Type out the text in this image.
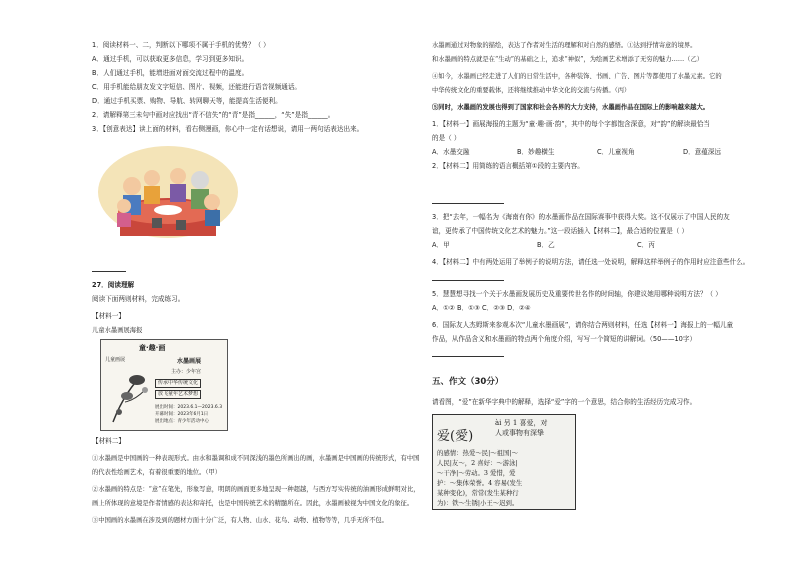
1．阅读材料一、二，判断以下哪项不属于手机的优势？（ ）
A．通过手机，可以获取更多信息，学习到更多知识。
B．人们通过手机，能增进面对面交流过程中的温度。
C．用手机能给朋友发文字短信、图片、视频，还能进行语音视频通话。
D．通过手机买票、购物、导航、转网聊天等，能提高生活便利。
2．请解释第三未句中画对应找出“青不信失”的“青”是指______，“失”是指______。
3．【创意表达】读上面的材料，看右侧漫画，你心中一定有话想说，请用一两句话表达出来。
27．阅读理解
阅读下面两则材料，完成练习。
【材料一】
儿童水墨画展海报
童·趣·画
儿童画展	水墨画展
主办：少年宫
传承中华传统文化
放飞童年艺术梦想
展出时间：2023.6.1—2023.6.3
开幕时间：2023年6月1日
展出地点：青少年活动中心
【材料二】
①水墨画是中国画的一种表现形式。由水和墨调和成不同深浅的墨色所画出的画，水墨画是中国画的传统形式，有中国
的代表性绘画艺术，有着很重要的地位。（甲）
②水墨画的特点是：“意”在笔先，形象写意，明朗的画面更多地呈现一种超越，与西方写实传统的油画形成鲜明对比，
画上所体现的意境是作者情感的表达和寄托，也是中国传统艺术的精髓所在。因此，水墨画被视为中国文化的象征。
③中国画的水墨画在涉及到的题材方面十分广泛，有人物、山水、花鸟、动物、植物等等，几乎无所不包。
水墨画通过对物象的描绘，表达了作者对生活的理解和对自然的感悟。①达到抒情寄意的境界。
和水墨画的特点就是在“生动”的基础之上，追求“神似”，为绘画艺术增添了无穷的魅力……（乙）
④如今，水墨画已经走进了人们的日常生活中，各种装饰、书画、广告、图片等都使用了水墨元素。它的
中华传统文化的重要载体，还将继续推动中华文化的交流与传播。（丙）
⑤同时，水墨画的发展也得到了国家和社会各界的大力支持，水墨画作品在国际上的影响越来越大。
1．【材料一】画展海报的主题为“童·趣·画·韵”，其中的每个字都饱含深意，对“韵”的解读最恰当
的是（ ）
A．水墨交融	B．妙趣横生	C．儿童视角	D．意蕴深远
2．【材料二】用简练的语言概括第①段的主要内容。
3．把“去年，一幅名为《海南有你》的水墨画作品在国际赛事中获得大奖。这不仅展示了中国人民的友
谊，更传承了中国传统文化艺术的魅力。”这一段话插入【材料二】，最合适的位置是（ ）
A．甲	B．乙	C．丙
4．【材料二】中有两处运用了举例子的说明方法，请任选一处说明，解释这样举例子的作用时应注意些什么。
5．慧慧想寻找一个关于水墨画发展历史及重要传世名作的时间轴，你建议她用哪种说明方法？（ ）
A．①② B．①③ C．②③ D．②④
6．国际友人杰姆斯来参观本次“儿童水墨画展”，请你结合两则材料，任选【材料一】海报上的一幅儿童
作品，从作品含义和水墨画的特点两个角度介绍，写写一个简短的讲解词。（50——10字）
五、作文（30分）
请看图，“爱”在新华字典中的解释，选择“爱”字的一个意思，结合你的生活经历完成习作。
爱(愛)
ài 另 1 喜爱，对
人或事物有深挚
的感情：热爱～民|～祖国|～
人民|友～，2 喜好：～游泳|
～干净|～劳动。3 爱惜，爱
护：～集体荣誉。4 容易(发生
某种变化)，常常(发生某种行
为)：铁～生锈|小王～迟到。
